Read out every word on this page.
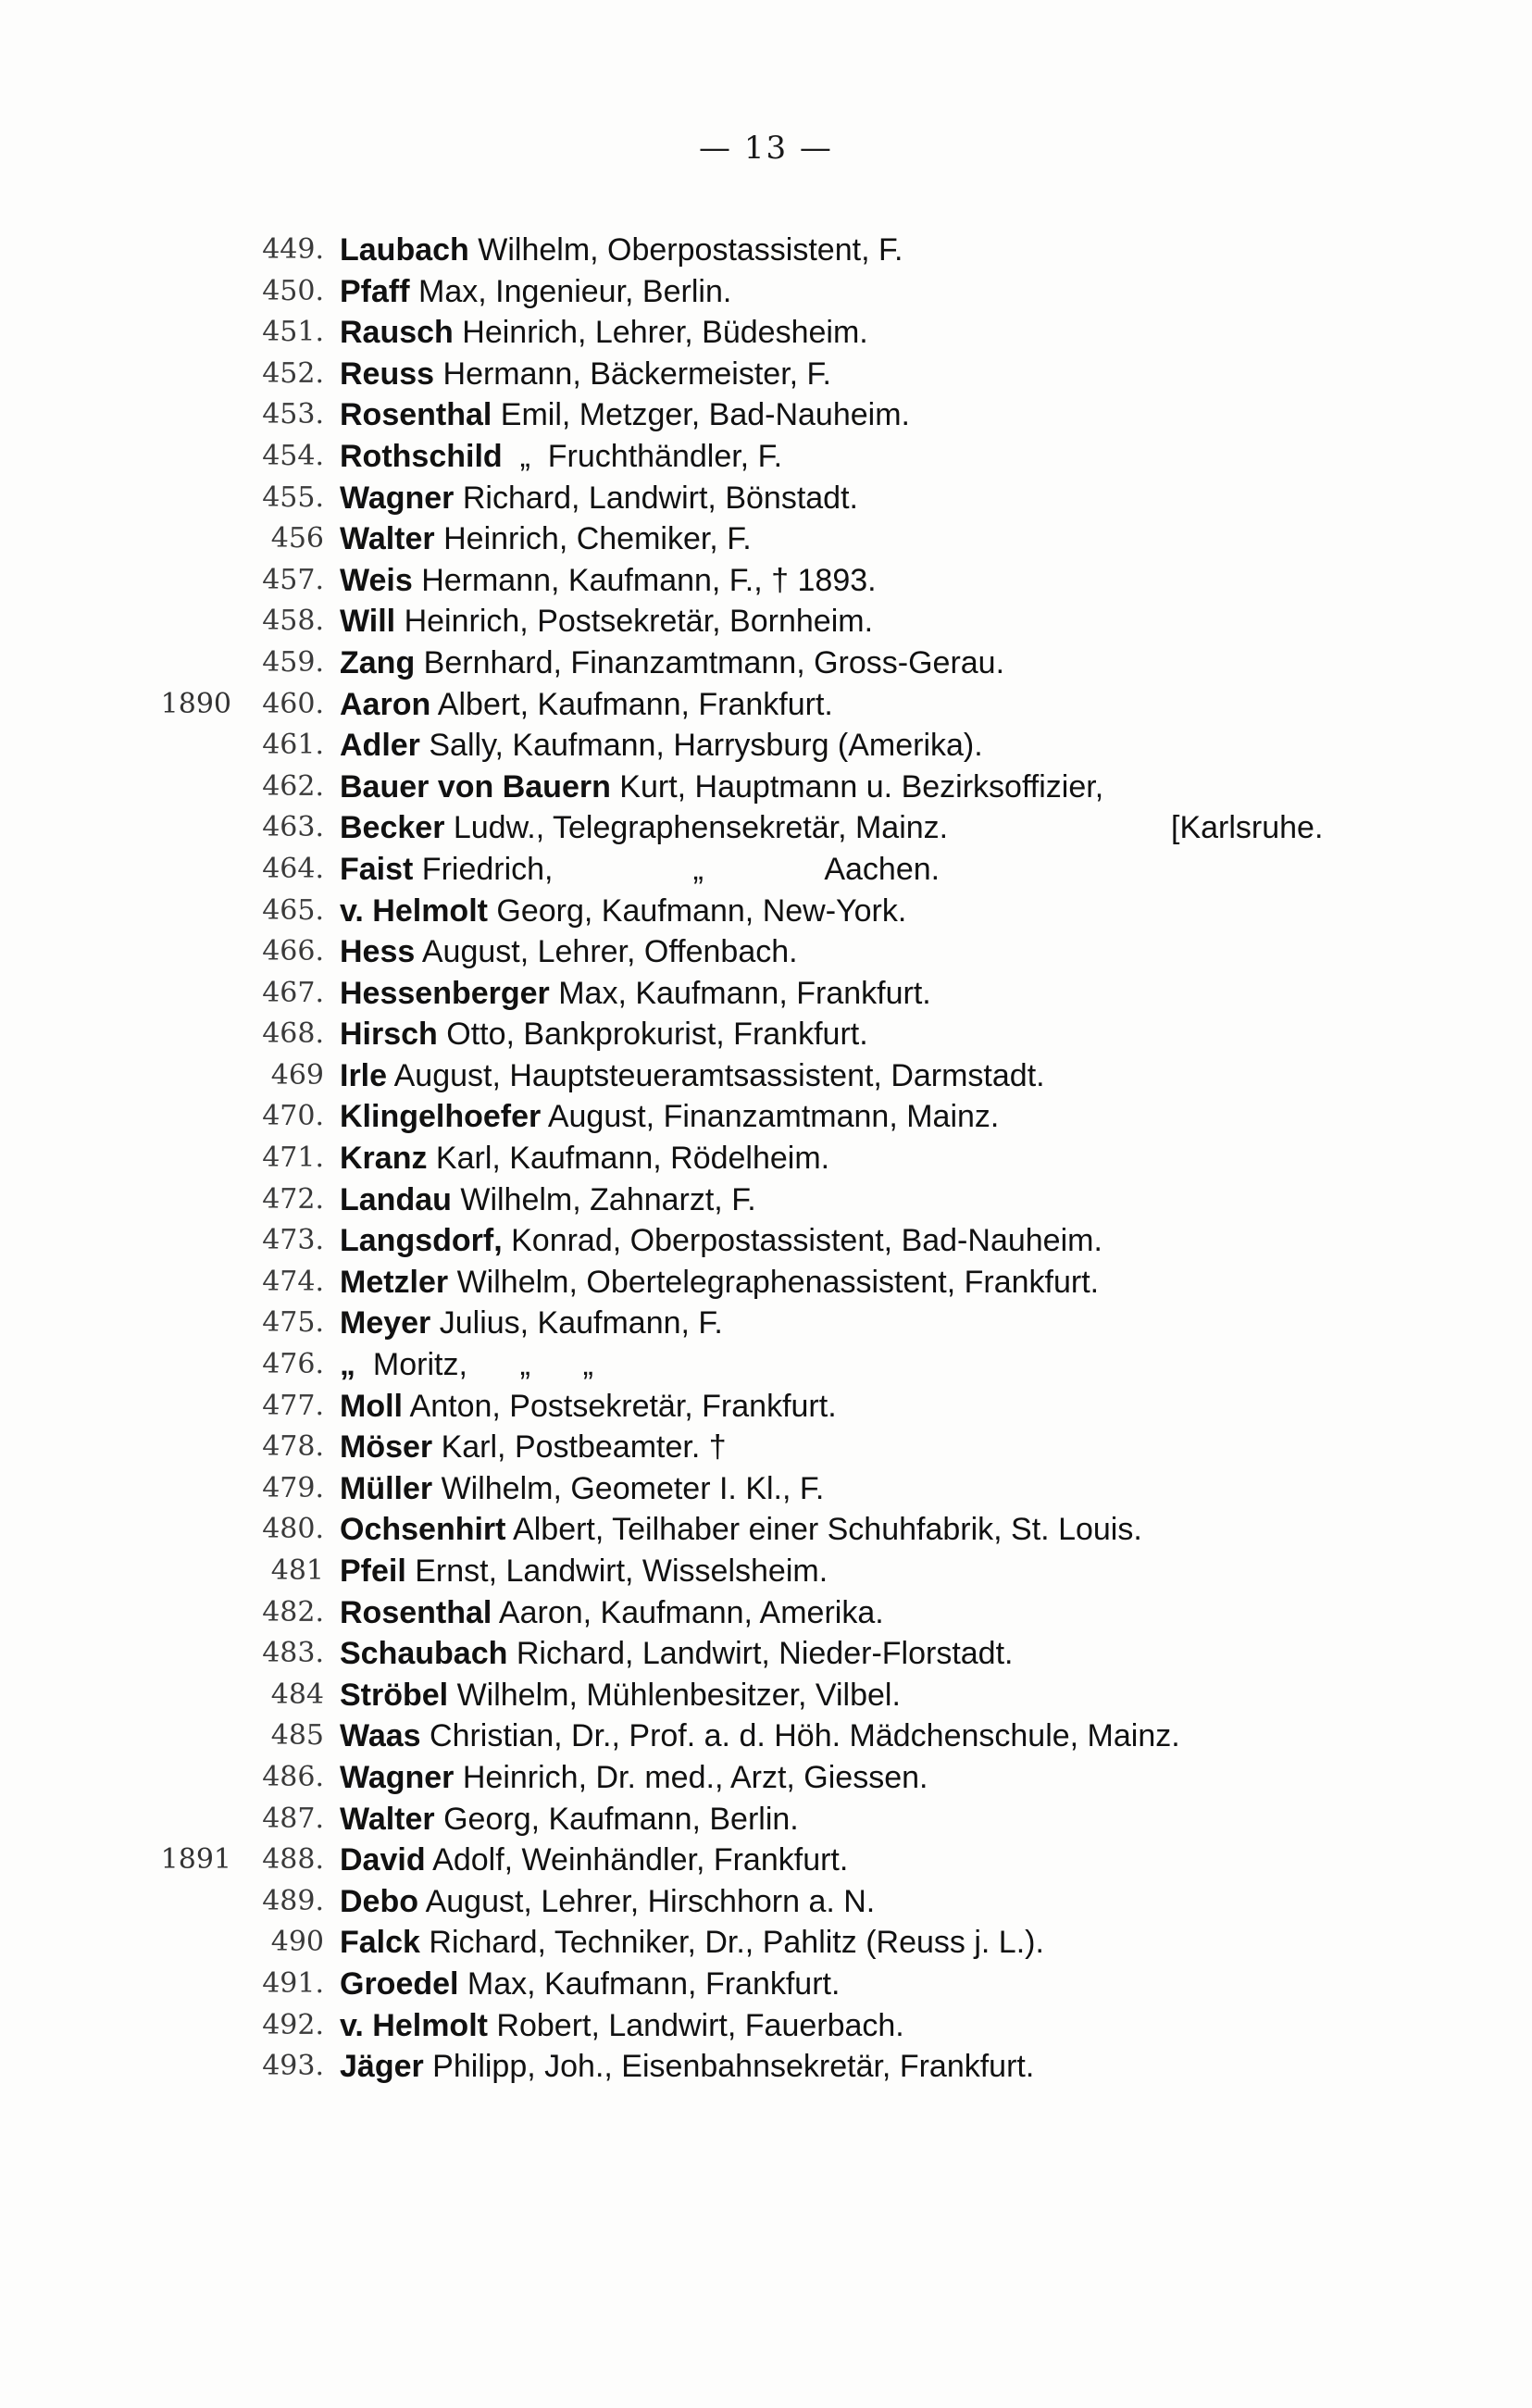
— 13 —
449. Laubach Wilhelm, Oberpostassistent, F.
450. Pfaff Max, Ingenieur, Berlin.
451. Rausch Heinrich, Lehrer, Büdesheim.
452. Reuss Hermann, Bäckermeister, F.
453. Rosenthal Emil, Metzger, Bad-Nauheim.
454. Rothschild  „  Fruchthändler, F.
455. Wagner Richard, Landwirt, Bönstadt.
456 Walter Heinrich, Chemiker, F.
457. Weis Hermann, Kaufmann, F., † 1893.
458. Will Heinrich, Postsekretär, Bornheim.
459. Zang Bernhard, Finanzamtmann, Gross-Gerau.
1890	460. Aaron Albert, Kaufmann, Frankfurt.
461. Adler Sally, Kaufmann, Harrysburg (Amerika).
462. Bauer von Bauern Kurt, Hauptmann u. Bezirksoffizier,
463. Becker Ludw., Telegraphensekretär, Mainz.	[Karlsruhe.
464. Faist Friedrich,                „              Aachen.
465. v. Helmolt Georg, Kaufmann, New-York.
466. Hess August, Lehrer, Offenbach.
467. Hessenberger Max, Kaufmann, Frankfurt.
468. Hirsch Otto, Bankprokurist, Frankfurt.
469 Irle August, Hauptsteueramtsassistent, Darmstadt.
470. Klingelhoefer August, Finanzamtmann, Mainz.
471. Kranz Karl, Kaufmann, Rödelheim.
472. Landau Wilhelm, Zahnarzt, F.
473. Langsdorf, Konrad, Oberpostassistent, Bad-Nauheim.
474. Metzler Wilhelm, Obertelegraphenassistent, Frankfurt.
475. Meyer Julius, Kaufmann, F.
476. „  Moritz,      „      „
477. Moll Anton, Postsekretär, Frankfurt.
478. Möser Karl, Postbeamter. †
479. Müller Wilhelm, Geometer I. Kl., F.
480. Ochsenhirt Albert, Teilhaber einer Schuhfabrik, St. Louis.
481 Pfeil Ernst, Landwirt, Wisselsheim.
482. Rosenthal Aaron, Kaufmann, Amerika.
483. Schaubach Richard, Landwirt, Nieder-Florstadt.
484 Ströbel Wilhelm, Mühlenbesitzer, Vilbel.
485 Waas Christian, Dr., Prof. a. d. Höh. Mädchenschule, Mainz.
486. Wagner Heinrich, Dr. med., Arzt, Giessen.
487. Walter Georg, Kaufmann, Berlin.
1891	488. David Adolf, Weinhändler, Frankfurt.
489. Debo August, Lehrer, Hirschhorn a. N.
490 Falck Richard, Techniker, Dr., Pahlitz (Reuss j. L.).
491. Groedel Max, Kaufmann, Frankfurt.
492. v. Helmolt Robert, Landwirt, Fauerbach.
493. Jäger Philipp, Joh., Eisenbahnsekretär, Frankfurt.
